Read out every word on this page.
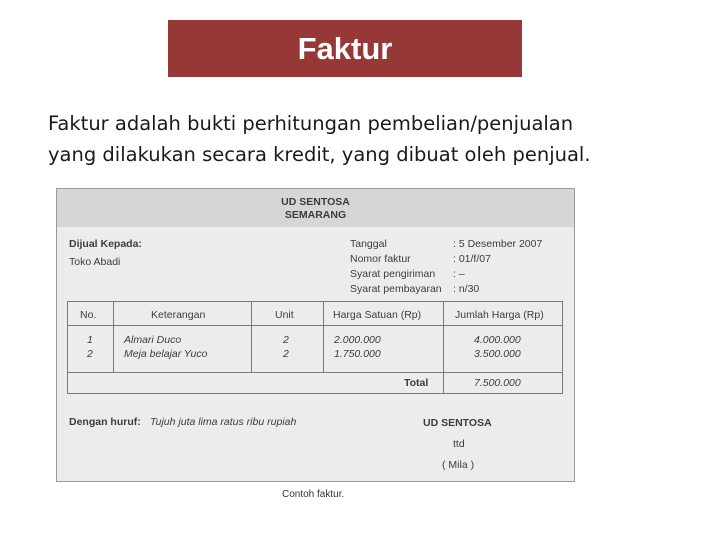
Faktur
Faktur adalah bukti perhitungan pembelian/penjualan
yang dilakukan secara kredit, yang dibuat oleh penjual.
UD SENTOSA
SEMARANG
Dijual Kepada:
Toko Abadi
Tanggal	: 5 Desember 2007
Nomor faktur	: 01/f/07
Syarat pengiriman : –
Syarat pembayaran : n/30
No.	Keterangan	Unit	Harga Satuan (Rp)	Jumlah Harga (Rp)
1	Almari Duco	2	2.000.000	4.000.000
2	Meja belajar Yuco	2	1.750.000	3.500.000
Total	7.500.000
Dengan huruf: Tujuh juta lima ratus ribu rupiah	UD SENTOSA
ttd
( Mila )
Contoh faktur.
